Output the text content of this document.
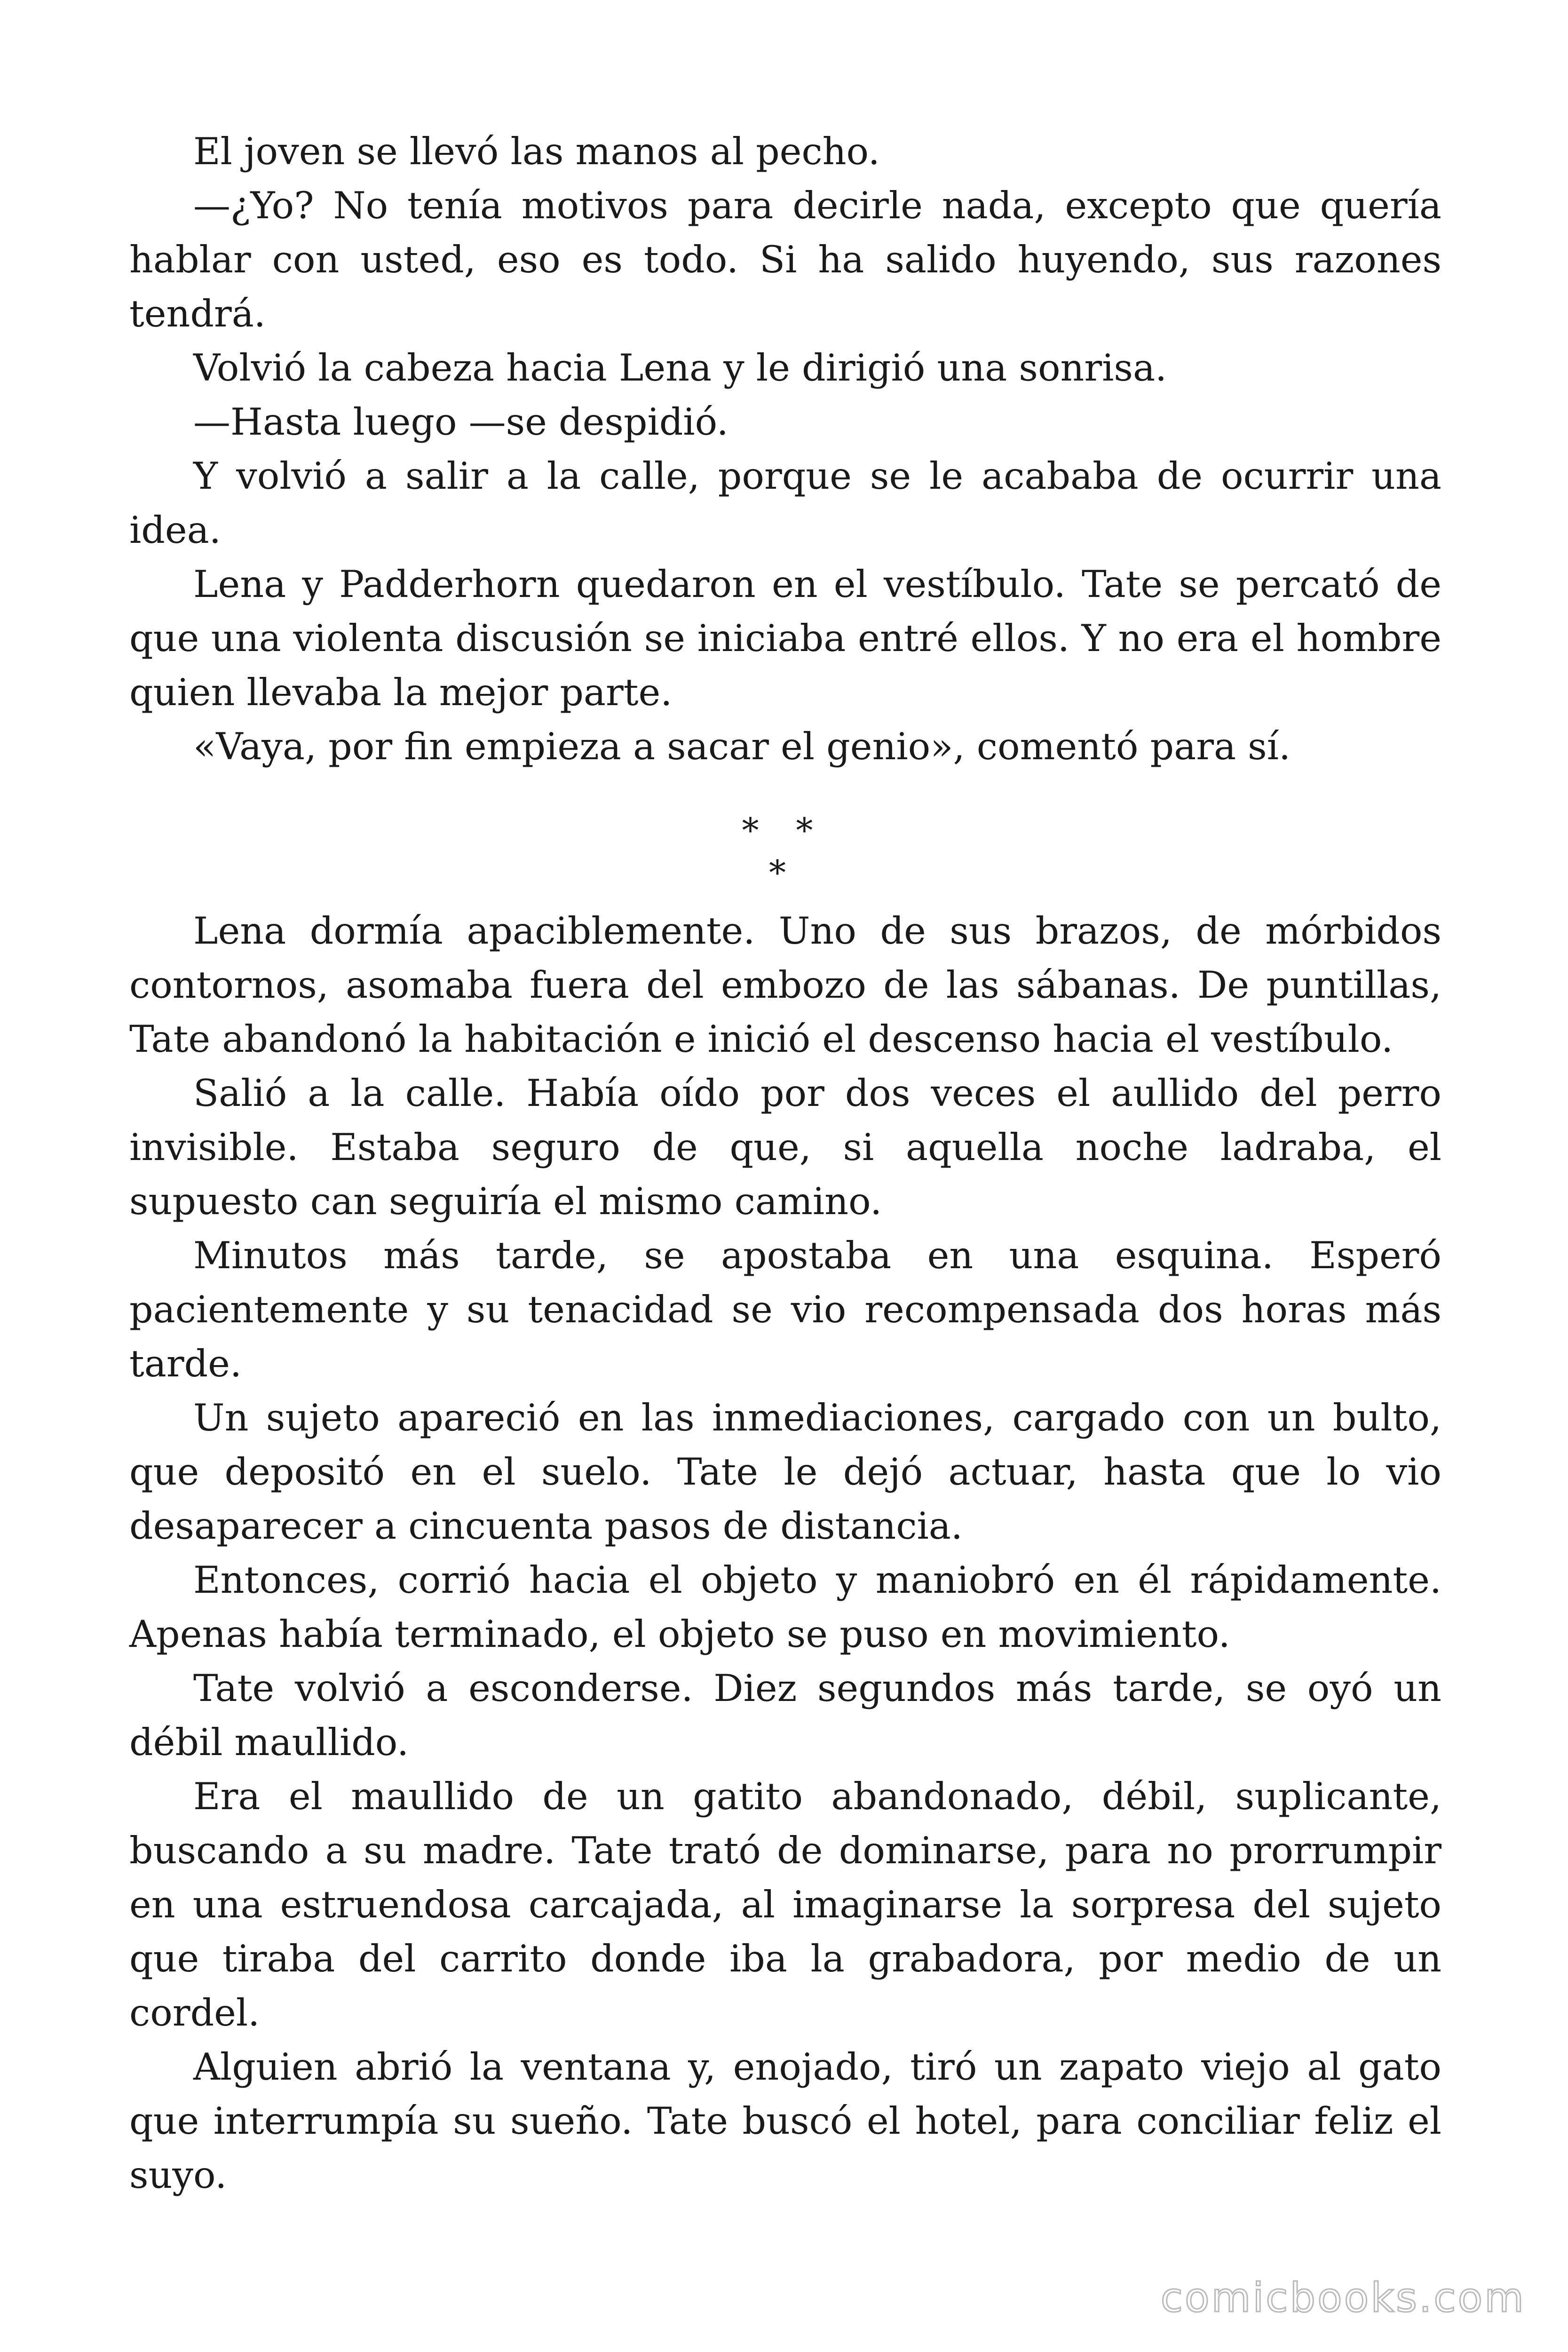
El joven se llevó las manos al pecho.

—¿Yo? No tenía motivos para decirle nada, excepto que quería hablar con usted, eso es todo. Si ha salido huyendo, sus razones tendrá.

Volvió la cabeza hacia Lena y le dirigió una sonrisa.

—Hasta luego —se despidió.

Y volvió a salir a la calle, porque se le acababa de ocurrir una idea.

Lena y Padderhorn quedaron en el vestíbulo. Tate se percató de que una violenta discusión se iniciaba entré ellos. Y no era el hombre quien llevaba la mejor parte.

«Vaya, por fin empieza a sacar el genio», comentó para sí.

* * *

Lena dormía apaciblemente. Uno de sus brazos, de mórbidos contornos, asomaba fuera del embozo de las sábanas. De puntillas, Tate abandonó la habitación e inició el descenso hacia el vestíbulo.

Salió a la calle. Había oído por dos veces el aullido del perro invisible. Estaba seguro de que, si aquella noche ladraba, el supuesto can seguiría el mismo camino.

Minutos más tarde, se apostaba en una esquina. Esperó pacientemente y su tenacidad se vio recompensada dos horas más tarde.

Un sujeto apareció en las inmediaciones, cargado con un bulto, que depositó en el suelo. Tate le dejó actuar, hasta que lo vio desaparecer a cincuenta pasos de distancia.

Entonces, corrió hacia el objeto y maniobró en él rápidamente. Apenas había terminado, el objeto se puso en movimiento.

Tate volvió a esconderse. Diez segundos más tarde, se oyó un débil maullido.

Era el maullido de un gatito abandonado, débil, suplicante, buscando a su madre. Tate trató de dominarse, para no prorrumpir en una estruendosa carcajada, al imaginarse la sorpresa del sujeto que tiraba del carrito donde iba la grabadora, por medio de un cordel.

Alguien abrió la ventana y, enojado, tiró un zapato viejo al gato que interrumpía su sueño. Tate buscó el hotel, para conciliar feliz el suyo.

comicbooks.com
